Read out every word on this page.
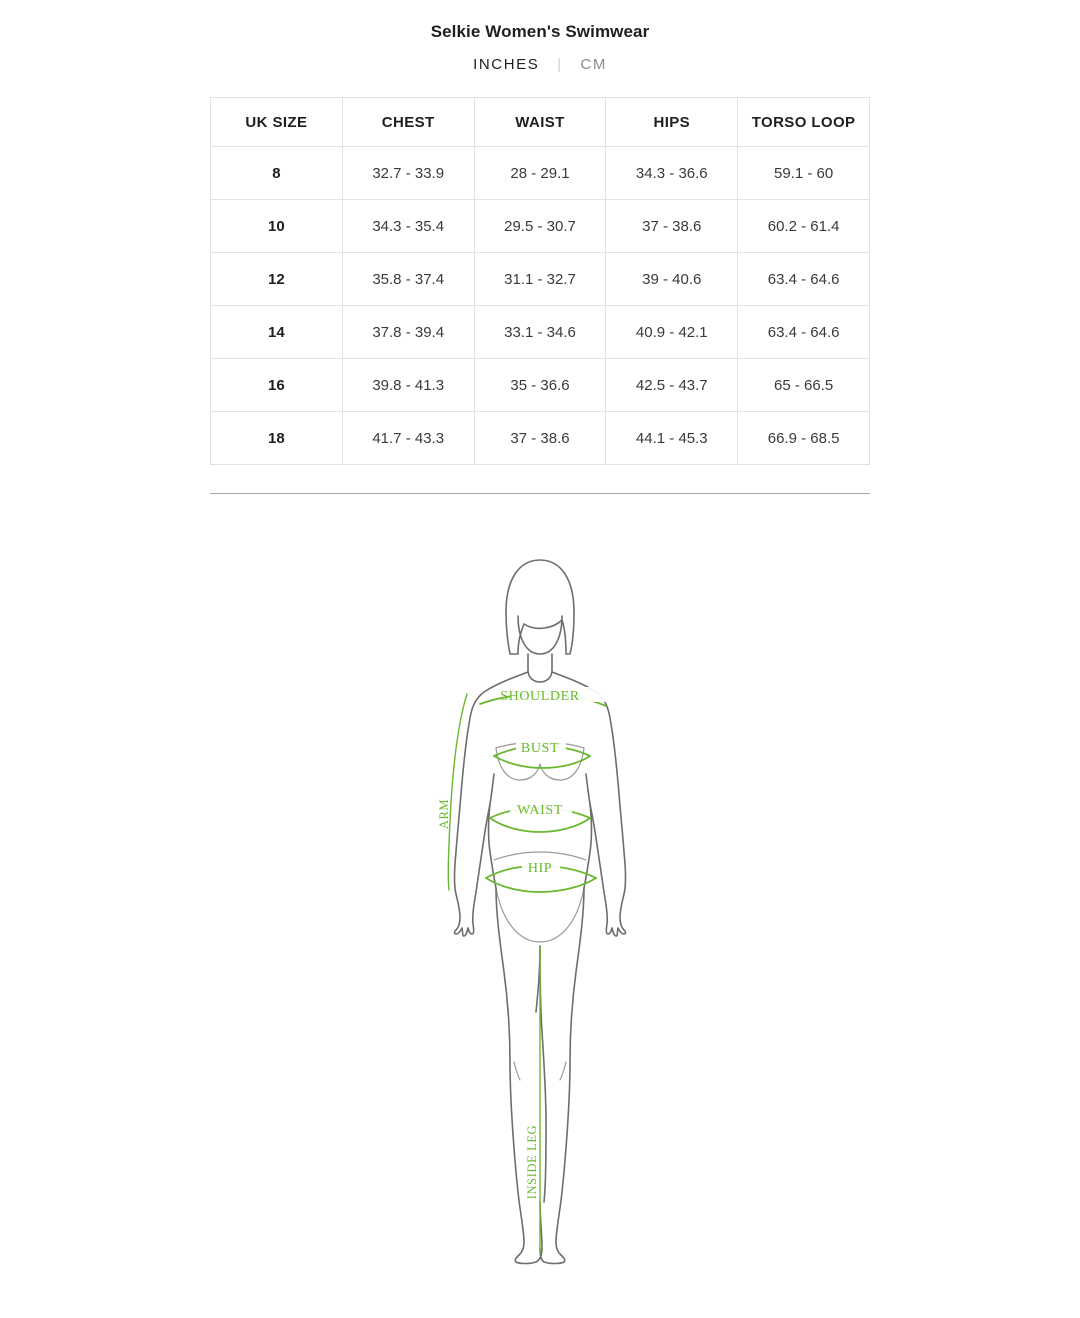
Selkie Women's Swimwear
INCHES | CM
UK SIZE	CHEST	WAIST	HIPS	TORSO LOOP
8	32.7 - 33.9	28 - 29.1	34.3 - 36.6	59.1 - 60
10	34.3 - 35.4	29.5 - 30.7	37 - 38.6	60.2 - 61.4
12	35.8 - 37.4	31.1 - 32.7	39 - 40.6	63.4 - 64.6
14	37.8 - 39.4	33.1 - 34.6	40.9 - 42.1	63.4 - 64.6
16	39.8 - 41.3	35 - 36.6	42.5 - 43.7	65 - 66.5
18	41.7 - 43.3	37 - 38.6	44.1 - 45.3	66.9 - 68.5
SHOULDER
BUST
WAIST
HIP
ARM
INSIDE LEG
